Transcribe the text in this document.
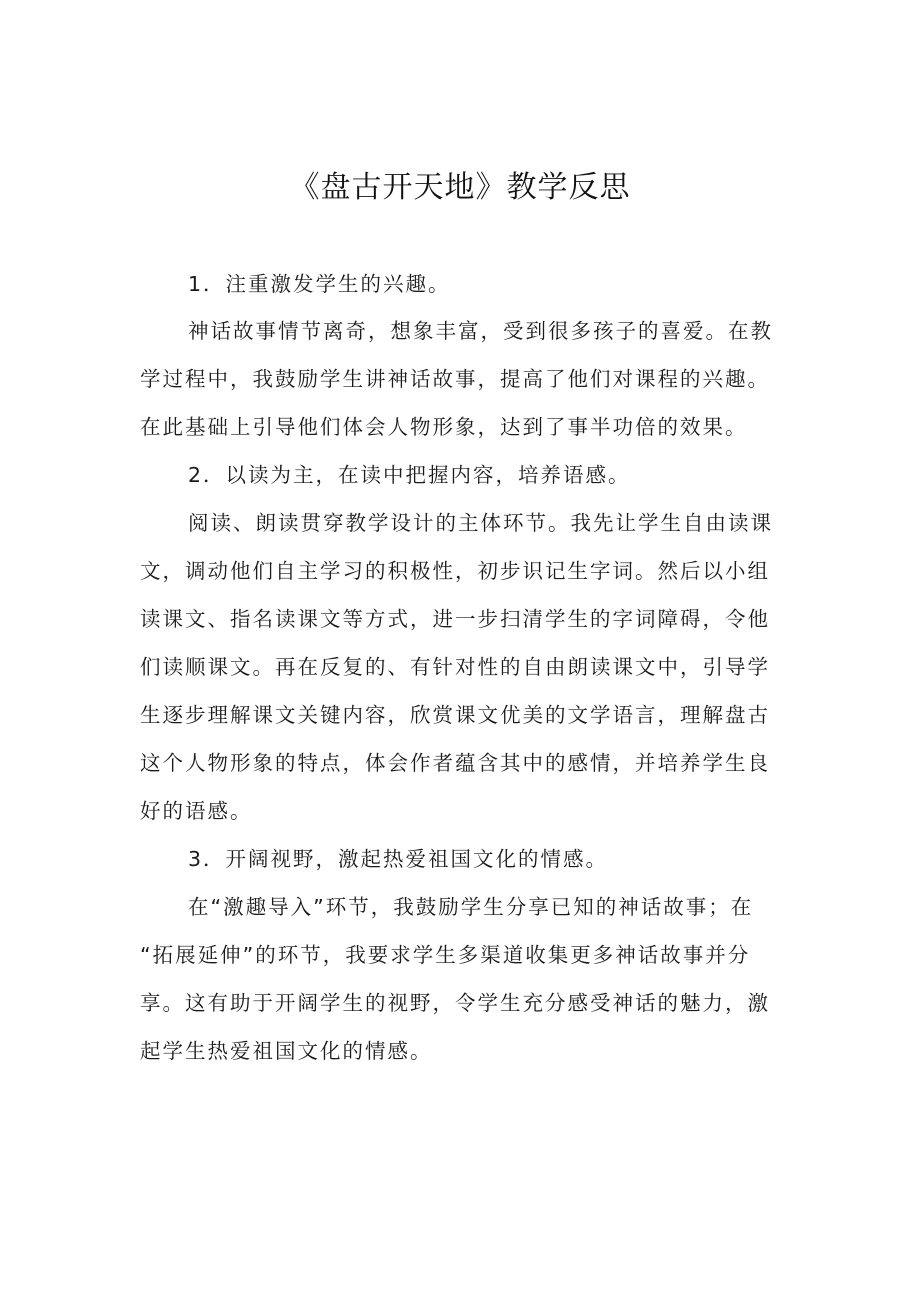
《盘古开天地》教学反思
1．注重激发学生的兴趣。
神话故事情节离奇，想象丰富，受到很多孩子的喜爱。在教
学过程中，我鼓励学生讲神话故事，提高了他们对课程的兴趣。
在此基础上引导他们体会人物形象，达到了事半功倍的效果。
2．以读为主，在读中把握内容，培养语感。
阅读、朗读贯穿教学设计的主体环节。我先让学生自由读课
文，调动他们自主学习的积极性，初步识记生字词。然后以小组
读课文、指名读课文等方式，进一步扫清学生的字词障碍，令他
们读顺课文。再在反复的、有针对性的自由朗读课文中，引导学
生逐步理解课文关键内容，欣赏课文优美的文学语言，理解盘古
这个人物形象的特点，体会作者蕴含其中的感情，并培养学生良
好的语感。
3．开阔视野，激起热爱祖国文化的情感。
在“激趣导入”环节，我鼓励学生分享已知的神话故事；在
“拓展延伸”的环节，我要求学生多渠道收集更多神话故事并分
享。这有助于开阔学生的视野，令学生充分感受神话的魅力，激
起学生热爱祖国文化的情感。
